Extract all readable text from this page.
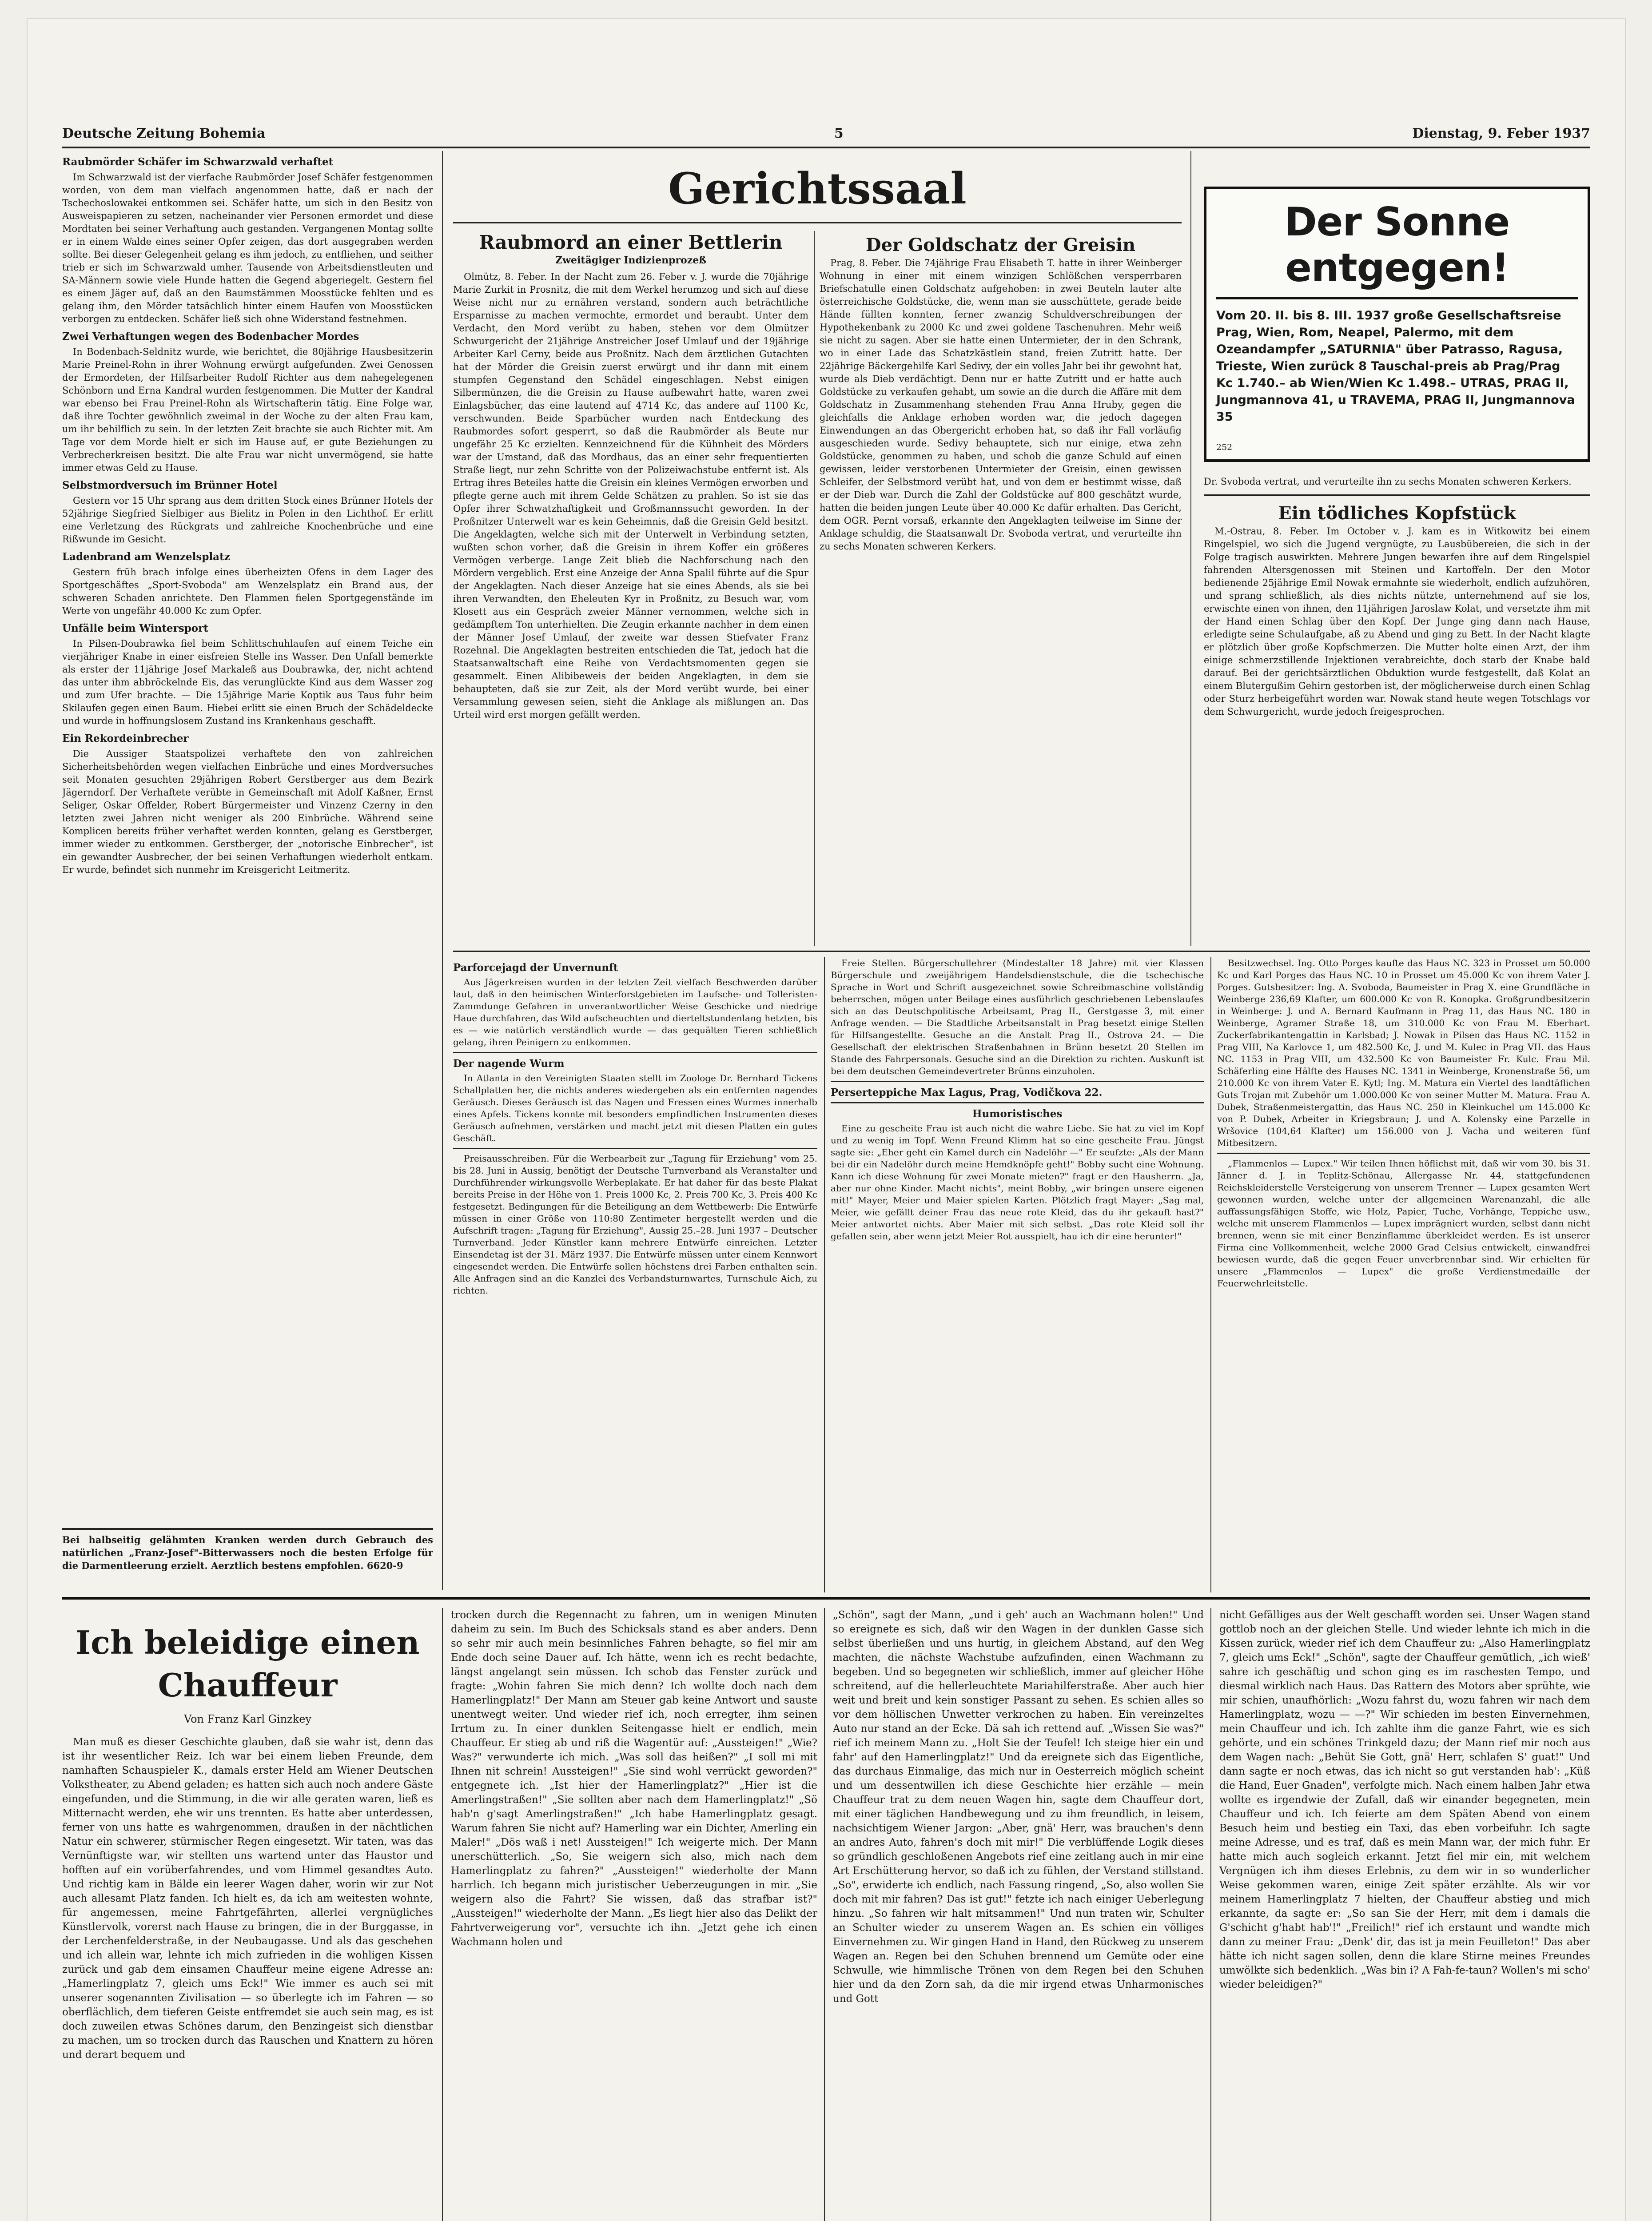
Deutsche Zeitung Bohemia	5	Dienstag, 9. Feber 1937
Raubmörder Schäfer im Schwarzwald verhaftet

Im Schwarzwald ist der vierfache Raubmörder Josef Schäfer festgenommen worden, von dem man vielfach angenommen hatte, daß er nach der Tschechoslowakei entkommen sei. Schäfer hatte, um sich in den Besitz von Ausweispapieren zu setzen, nacheinander vier Personen ermordet und diese Mordtaten bei seiner Verhaftung auch gestanden. Vergangenen Montag sollte er in einem Walde eines seiner Opfer zeigen, das dort ausgegraben werden sollte. Bei dieser Gelegenheit gelang es ihm jedoch, zu entfliehen, und seither trieb er sich im Schwarzwald umher. Tausende von Arbeitsdienstleuten und SA-Männern sowie viele Hunde hatten die Gegend abgeriegelt. Gestern fiel es einem Jäger auf, daß an den Baumstämmen Moosstücke fehlten und es gelang ihm, den Mörder tatsächlich hinter einem Haufen von Moosstücken verborgen zu entdecken. Schäfer ließ sich ohne Widerstand festnehmen.

Zwei Verhaftungen wegen des Bodenbacher Mordes

In Bodenbach-Seldnitz wurde, wie berichtet, die 80jährige Hausbesitzerin Marie Preinel-Rohn in ihrer Wohnung erwürgt aufgefunden. Zwei Genossen der Ermordeten, der Hilfsarbeiter Rudolf Richter aus dem nahegelegenen Schönborn und Erna Kandral wurden festgenommen. Die Mutter der Kandral war ebenso bei Frau Preinel-Rohn als Wirtschafterin tätig. Eine Folge war, daß ihre Tochter gewöhnlich zweimal in der Woche zu der alten Frau kam, um ihr behilflich zu sein. In der letzten Zeit brachte sie auch Richter mit. Am Tage vor dem Morde hielt er sich im Hause auf, er gute Beziehungen zu Verbrecherkreisen besitzt. Die alte Frau war nicht unvermögend, sie hatte immer etwas Geld zu Hause.

Selbstmordversuch im Brünner Hotel

Gestern vor 15 Uhr sprang aus dem dritten Stock eines Brünner Hotels der 52jährige Siegfried Sielbiger aus Bielitz in Polen in den Lichthof. Er erlitt eine Verletzung des Rückgrats und zahlreiche Knochenbrüche und eine Rißwunde im Gesicht.

Ladenbrand am Wenzelsplatz

Gestern früh brach infolge eines überheizten Ofens in dem Lager des Sportgeschäftes „Sport-Svoboda" am Wenzelsplatz ein Brand aus, der schweren Schaden anrichtete. Den Flammen fielen Sportgegenstände im Werte von ungefähr 40.000 Kc zum Opfer.

Unfälle beim Wintersport

In Pilsen-Doubrawka fiel beim Schlittschuhlaufen auf einem Teiche ein vierjähriger Knabe in einer eisfreien Stelle ins Wasser. Den Unfall bemerkte als erster der 11jährige Josef Markaleß aus Doubrawka, der, nicht achtend das unter ihm abbröckelnde Eis, das verunglückte Kind aus dem Wasser zog und zum Ufer brachte. — Die 15jährige Marie Koptik aus Taus fuhr beim Skilaufen gegen einen Baum. Hiebei erlitt sie einen Bruch der Schädeldecke und wurde in hoffnungslosem Zustand ins Krankenhaus geschafft.

Ein Rekordeinbrecher

Die Aussiger Staatspolizei verhaftete den von zahlreichen Sicherheitsbehörden wegen vielfachen Einbrüche und eines Mordversuches seit Monaten gesuchten 29jährigen Robert Gerstberger aus dem Bezirk Jägerndorf. Der Verhaftete verübte in Gemeinschaft mit Adolf Kaßner, Ernst Seliger, Oskar Offelder, Robert Bürgermeister und Vinzenz Czerny in den letzten zwei Jahren nicht weniger als 200 Einbrüche. Während seine Komplicen bereits früher verhaftet werden konnten, gelang es Gerstberger, immer wieder zu entkommen. Gerstberger, der „notorische Einbrecher", ist ein gewandter Ausbrecher, der bei seinen Verhaftungen wiederholt entkam. Er wurde, befindet sich nunmehr im Kreisgericht Leitmeritz.

Bei halbseitig gelähmten Kranken werden durch Gebrauch des natürlichen „Franz-Josef"-Bitterwassers noch die besten Erfolge für die Darmentleerung erzielt. Aerztlich bestens empfohlen. 6620-9

Gerichtssaal
Raubmord an einer Bettlerin
Zweitägiger Indizienprozeß

Olmütz, 8. Feber. In der Nacht zum 26. Feber v. J. wurde die 70jährige Marie Zurkit in Prosnitz, die mit dem Werkel herumzog und sich auf diese Weise nicht nur zu ernähren verstand, sondern auch beträchtliche Ersparnisse zu machen vermochte, ermordet und beraubt. Unter dem Verdacht, den Mord verübt zu haben, stehen vor dem Olmützer Schwurgericht der 21jährige Anstreicher Josef Umlauf und der 19jährige Arbeiter Karl Cerny, beide aus Proßnitz. Nach dem ärztlichen Gutachten hat der Mörder die Greisin zuerst erwürgt und ihr dann mit einem stumpfen Gegenstand den Schädel eingeschlagen. Nebst einigen Silbermünzen, die die Greisin zu Hause aufbewahrt hatte, waren zwei Einlagsbücher, das eine lautend auf 4714 Kc, das andere auf 1100 Kc, verschwunden. Beide Sparbücher wurden nach Entdeckung des Raubmordes sofort gesperrt, so daß die Raubmörder als Beute nur ungefähr 25 Kc erzielten. Kennzeichnend für die Kühnheit des Mörders war der Umstand, daß das Mordhaus, das an einer sehr frequentierten Straße liegt, nur zehn Schritte von der Polizeiwachstube entfernt ist. Als Ertrag ihres Beteiles hatte die Greisin ein kleines Vermögen erworben und pflegte gerne auch mit ihrem Gelde Schätzen zu prahlen. So ist sie das Opfer ihrer Schwatzhaftigkeit und Großmannssucht geworden. In der Proßnitzer Unterwelt war es kein Geheimnis, daß die Greisin Geld besitzt. Die Angeklagten, welche sich mit der Unterwelt in Verbindung setzten, wußten schon vorher, daß die Greisin in ihrem Koffer ein größeres Vermögen verberge. Lange Zeit blieb die Nachforschung nach den Mördern vergeblich. Erst eine Anzeige der Anna Spalil führte auf die Spur der Angeklagten. Nach dieser Anzeige hat sie eines Abends, als sie bei ihren Verwandten, den Eheleuten Kyr in Proßnitz, zu Besuch war, vom Klosett aus ein Gespräch zweier Männer vernommen, welche sich in gedämpftem Ton unterhielten. Die Zeugin erkannte nachher in dem einen der Männer Josef Umlauf, der zweite war dessen Stiefvater Franz Rozehnal. Die Angeklagten bestreiten entschieden die Tat, jedoch hat die Staatsanwaltschaft eine Reihe von Verdachtsmomenten gegen sie gesammelt. Einen Alibibeweis der beiden Angeklagten, in dem sie behaupteten, daß sie zur Zeit, als der Mord verübt wurde, bei einer Versammlung gewesen seien, sieht die Anklage als mißlungen an. Das Urteil wird erst morgen gefällt werden.

Der Goldschatz der Greisin

Prag, 8. Feber. Die 74jährige Frau Elisabeth T. hatte in ihrer Weinberger Wohnung in einer mit einem winzigen Schlößchen versperrbaren Briefschatulle einen Goldschatz aufgehoben: in zwei Beuteln lauter alte österreichische Goldstücke, die, wenn man sie ausschüttete, gerade beide Hände füllten konnten, ferner zwanzig Schuldverschreibungen der Hypothekenbank zu 2000 Kc und zwei goldene Taschenuhren. Mehr weiß sie nicht zu sagen. Aber sie hatte einen Untermieter, der in den Schrank, wo in einer Lade das Schatzkästlein stand, freien Zutritt hatte. Der 22jährige Bäckergehilfe Karl Sedivy, der ein volles Jahr bei ihr gewohnt hat, wurde als Dieb verdächtigt. Denn nur er hatte Zutritt und er hatte auch Goldstücke zu verkaufen gehabt, um sowie an die durch die Affäre mit dem Goldschatz in Zusammenhang stehenden Frau Anna Hruby, gegen die gleichfalls die Anklage erhoben worden war, die jedoch dagegen Einwendungen an das Obergericht erhoben hat, so daß ihr Fall vorläufig ausgeschieden wurde. Sedivy behauptete, sich nur einige, etwa zehn Goldstücke, genommen zu haben, und schob die ganze Schuld auf einen gewissen, leider verstorbenen Untermieter der Greisin, einen gewissen Schleifer, der Selbstmord verübt hat, und von dem er bestimmt wisse, daß er der Dieb war. Durch die Zahl der Goldstücke auf 800 geschätzt wurde, hatten die beiden jungen Leute über 40.000 Kc dafür erhalten. Das Gericht, dem OGR. Pernt vorsaß, erkannte den Angeklagten teilweise im Sinne der Anklage schuldig, die Staatsanwalt Dr. Svoboda vertrat, und verurteilte ihn zu sechs Monaten schweren Kerkers.

Der Sonne entgegen!
Vom 20. II. bis 8. III. 1937 große Gesellschaftsreise Prag, Wien, Rom, Neapel, Palermo, mit dem Ozeandampfer „SATURNIA" über Patrasso, Ragusa, Trieste, Wien zurück 8 Tauschal-preis ab Prag/Prag Kc 1.740.– ab Wien/Wien Kc 1.498.– UTRAS, PRAG II, Jungmannova 41, u TRAVEMA, PRAG II, Jungmannova 35
252

Dr. Svoboda vertrat, und verurteilte ihn zu sechs Monaten schweren Kerkers.

Ein tödliches Kopfstück

M.-Ostrau, 8. Feber. Im October v. J. kam es in Witkowitz bei einem Ringelspiel, wo sich die Jugend vergnügte, zu Lausbübereien, die sich in der Folge tragisch auswirkten. Mehrere Jungen bewarfen ihre auf dem Ringelspiel fahrenden Altersgenossen mit Steinen und Kartoffeln. Der den Motor bedienende 25jährige Emil Nowak ermahnte sie wiederholt, endlich aufzuhören, und sprang schließlich, als dies nichts nützte, unternehmend auf sie los, erwischte einen von ihnen, den 11jährigen Jaroslaw Kolat, und versetzte ihm mit der Hand einen Schlag über den Kopf. Der Junge ging dann nach Hause, erledigte seine Schulaufgabe, aß zu Abend und ging zu Bett. In der Nacht klagte er plötzlich über große Kopfschmerzen. Die Mutter holte einen Arzt, der ihm einige schmerzstillende Injektionen verabreichte, doch starb der Knabe bald darauf. Bei der gerichtsärztlichen Obduktion wurde festgestellt, daß Kolat an einem Blutergußim Gehirn gestorben ist, der möglicherweise durch einen Schlag oder Sturz herbeigeführt worden war. Nowak stand heute wegen Totschlags vor dem Schwurgericht, wurde jedoch freigesprochen.

Parforcejagd der Unvernunft

Aus Jägerkreisen wurden in der letzten Zeit vielfach Beschwerden darüber laut, daß in den heimischen Winterforstgebieten im Laufsche- und Tolleristen-Zammdunge Gefahren in unverantwortlicher Weise Geschicke und niedrige Haue durchfahren, das Wild aufscheuchten und dierteltstundenlang hetzten, bis es — wie natürlich verständlich wurde — das gequälten Tieren schließlich gelang, ihren Peinigern zu entkommen.

Der nagende Wurm

In Atlanta in den Vereinigten Staaten stellt im Zoologe Dr. Bernhard Tickens Schallplatten her, die nichts anderes wiedergeben als ein entfernten nagendes Geräusch. Dieses Geräusch ist das Nagen und Fressen eines Wurmes innerhalb eines Apfels. Tickens konnte mit besonders empfindlichen Instrumenten dieses Geräusch aufnehmen, verstärken und macht jetzt mit diesen Platten ein gutes Geschäft.

Preisausschreiben. Für die Werbearbeit zur „Tagung für Erziehung" vom 25. bis 28. Juni in Aussig, benötigt der Deutsche Turnverband als Veranstalter und Durchführender wirkungsvolle Werbeplakate. Er hat daher für das beste Plakat bereits Preise in der Höhe von 1. Preis 1000 Kc, 2. Preis 700 Kc, 3. Preis 400 Kc festgesetzt. Bedingungen für die Beteiligung an dem Wettbewerb: Die Entwürfe müssen in einer Größe von 110:80 Zentimeter hergestellt werden und die Aufschrift tragen: „Tagung für Erziehung", Aussig 25.–28. Juni 1937 – Deutscher Turnverband. Jeder Künstler kann mehrere Entwürfe einreichen. Letzter Einsendetag ist der 31. März 1937. Die Entwürfe müssen unter einem Kennwort eingesendet werden. Die Entwürfe sollen höchstens drei Farben enthalten sein. Alle Anfragen sind an die Kanzlei des Verbandsturnwartes, Turnschule Aich, zu richten.

Freie Stellen. Bürgerschullehrer (Mindestalter 18 Jahre) mit vier Klassen Bürgerschule und zweijährigem Handelsdienstschule, die die tschechische Sprache in Wort und Schrift ausgezeichnet sowie Schreibmaschine vollständig beherrschen, mögen unter Beilage eines ausführlich geschriebenen Lebenslaufes sich an das Deutschpolitische Arbeitsamt, Prag II., Gerstgasse 3, mit einer Anfrage wenden. — Die Stadtliche Arbeitsanstalt in Prag besetzt einige Stellen für Hilfsangestellte. Gesuche an die Anstalt Prag II., Ostrova 24. — Die Gesellschaft der elektrischen Straßenbahnen in Brünn besetzt 20 Stellen im Stande des Fahrpersonals. Gesuche sind an die Direktion zu richten. Auskunft ist bei dem deutschen Gemeindevertreter Brünns einzuholen.

Perserteppiche Max Lagus, Prag, Vodičkova 22.
Humoristisches

Eine zu gescheite Frau ist auch nicht die wahre Liebe. Sie hat zu viel im Kopf und zu wenig im Topf. Wenn Freund Klimm hat so eine gescheite Frau. Jüngst sagte sie: „Eher geht ein Kamel durch ein Nadelöhr —" Er seufzte: „Als der Mann bei dir ein Nadelöhr durch meine Hemdknöpfe geht!" Bobby sucht eine Wohnung. Kann ich diese Wohnung für zwei Monate mieten?" fragt er den Hausherrn. „Ja, aber nur ohne Kinder. Macht nichts", meint Bobby, „wir bringen unsere eigenen mit!" Mayer, Meier und Maier spielen Karten. Plötzlich fragt Mayer: „Sag mal, Meier, wie gefällt deiner Frau das neue rote Kleid, das du ihr gekauft hast?" Meier antwortet nichts. Aber Maier mit sich selbst. „Das rote Kleid soll ihr gefallen sein, aber wenn jetzt Meier Rot ausspielt, hau ich dir eine herunter!"

Besitzwechsel. Ing. Otto Porges kaufte das Haus NC. 323 in Prosset um 50.000 Kc und Karl Porges das Haus NC. 10 in Prosset um 45.000 Kc von ihrem Vater J. Porges. Gutsbesitzer: Ing. A. Svoboda, Baumeister in Prag X. eine Grundfläche in Weinberge 236,69 Klafter, um 600.000 Kc von R. Konopka. Großgrundbesitzerin in Weinberge: J. und A. Bernard Kaufmann in Prag 11, das Haus NC. 180 in Weinberge, Agramer Straße 18, um 310.000 Kc von Frau M. Eberhart. Zuckerfabrikantengattin in Karlsbad; J. Nowak in Pilsen das Haus NC. 1152 in Prag VIII, Na Karlovce 1, um 482.500 Kc, J. und M. Kulec in Prag VII. das Haus NC. 1153 in Prag VIII, um 432.500 Kc von Baumeister Fr. Kulc. Frau Mil. Schäferling eine Hälfte des Hauses NC. 1341 in Weinberge, Kronenstraße 56, um 210.000 Kc von ihrem Vater E. Kytl; Ing. M. Matura ein Viertel des landtäflichen Guts Trojan mit Zubehör um 1.000.000 Kc von seiner Mutter M. Matura. Frau A. Dubek, Straßenmeistergattin, das Haus NC. 250 in Kleinkuchel um 145.000 Kc von P. Dubek, Arbeiter in Kriegsbraun; J. und A. Kolensky eine Parzelle in Wršovice (104,64 Klafter) um 156.000 von J. Vacha und weiteren fünf Mitbesitzern.

„Flammenlos — Lupex." Wir teilen Ihnen höflichst mit, daß wir vom 30. bis 31. Jänner d. J. in Teplitz-Schönau, Allergasse Nr. 44, stattgefundenen Reichskleiderstelle Versteigerung von unserem Trenner — Lupex gesamten Wert gewonnen wurden, welche unter der allgemeinen Warenanzahl, die alle auffassungsfähigen Stoffe, wie Holz, Papier, Tuche, Vorhänge, Teppiche usw., welche mit unserem Flammenlos — Lupex imprägniert wurden, selbst dann nicht brennen, wenn sie mit einer Benzinflamme überkleidet werden. Es ist unserer Firma eine Vollkommenheit, welche 2000 Grad Celsius entwickelt, einwandfrei bewiesen wurde, daß die gegen Feuer unverbrennbar sind. Wir erhielten für unsere „Flammenlos — Lupex" die große Verdienstmedaille der Feuerwehrleitstelle.

Ich beleidige einen Chauffeur
Von Franz Karl Ginzkey

Man muß es dieser Geschichte glauben, daß sie wahr ist, denn das ist ihr wesentlicher Reiz. Ich war bei einem lieben Freunde, dem namhaften Schauspieler K., damals erster Held am Wiener Deutschen Volkstheater, zu Abend geladen; es hatten sich auch noch andere Gäste eingefunden, und die Stimmung, in die wir alle geraten waren, ließ es Mitternacht werden, ehe wir uns trennten. Es hatte aber unterdessen, ferner von uns hatte es wahrgenommen, draußen in der nächtlichen Natur ein schwerer, stürmischer Regen eingesetzt. Wir taten, was das Vernünftigste war, wir stellten uns wartend unter das Haustor und hofften auf ein vorüberfahrendes, und vom Himmel gesandtes Auto. Und richtig kam in Bälde ein leerer Wagen daher, worin wir zur Not auch allesamt Platz fanden. Ich hielt es, da ich am weitesten wohnte, für angemessen, meine Fahrtgefährten, allerlei vergnügliches Künstlervolk, vorerst nach Hause zu bringen, die in der Burggasse, in der Lerchenfelderstraße, in der Neubaugasse. Und als das geschehen und ich allein war, lehnte ich mich zufrieden in die wohligen Kissen zurück und gab dem einsamen Chauffeur meine eigene Adresse an: „Hamerlingplatz 7, gleich ums Eck!" Wie immer es auch sei mit unserer sogenannten Zivilisation — so überlegte ich im Fahren — so oberflächlich, dem tieferen Geiste entfremdet sie auch sein mag, es ist doch zuweilen etwas Schönes darum, den Benzingeist sich dienstbar zu machen, um so trocken durch das Rauschen und Knattern zu hören und derart bequem und

trocken durch die Regennacht zu fahren, um in wenigen Minuten daheim zu sein. Im Buch des Schicksals stand es aber anders. Denn so sehr mir auch mein besinnliches Fahren behagte, so fiel mir am Ende doch seine Dauer auf. Ich hätte, wenn ich es recht bedachte, längst angelangt sein müssen. Ich schob das Fenster zurück und fragte: „Wohin fahren Sie mich denn? Ich wollte doch nach dem Hamerlingplatz!" Der Mann am Steuer gab keine Antwort und sauste unentwegt weiter. Und wieder rief ich, noch erregter, ihm seinen Irrtum zu. In einer dunklen Seitengasse hielt er endlich, mein Chauffeur. Er stieg ab und riß die Wagentür auf: „Aussteigen!" „Wie? Was?" verwunderte ich mich. „Was soll das heißen?" „I soll mi mit Ihnen nit schrein! Aussteigen!" „Sie sind wohl verrückt geworden?" entgegnete ich. „Ist hier der Hamerlingplatz?" „Hier ist die Amerlingstraßen!" „Sie sollten aber nach dem Hamerlingplatz!" „Sö hab'n g'sagt Amerlingstraßen!" „Ich habe Hamerlingplatz gesagt. Warum fahren Sie nicht auf? Hamerling war ein Dichter, Amerling ein Maler!" „Dös waß i net! Aussteigen!" Ich weigerte mich. Der Mann unerschütterlich. „So, Sie weigern sich also, mich nach dem Hamerlingplatz zu fahren?" „Aussteigen!" wiederholte der Mann harrlich. Ich begann mich juristischer Ueberzeugungen in mir. „Sie weigern also die Fahrt? Sie wissen, daß das strafbar ist?" „Aussteigen!" wiederholte der Mann. „Es liegt hier also das Delikt der Fahrtverweigerung vor", versuchte ich ihn. „Jetzt gehe ich einen Wachmann holen und

„Schön", sagt der Mann, „und i geh' auch an Wachmann holen!" Und so ereignete es sich, daß wir den Wagen in der dunklen Gasse sich selbst überließen und uns hurtig, in gleichem Abstand, auf den Weg machten, die nächste Wachstube aufzufinden, einen Wachmann zu begeben. Und so begegneten wir schließlich, immer auf gleicher Höhe schreitend, auf die hellerleuchtete Mariahilferstraße. Aber auch hier weit und breit und kein sonstiger Passant zu sehen. Es schien alles so vor dem höllischen Unwetter verkrochen zu haben. Ein vereinzeltes Auto nur stand an der Ecke. Dä sah ich rettend auf. „Wissen Sie was?" rief ich meinem Mann zu. „Holt Sie der Teufel! Ich steige hier ein und fahr' auf den Hamerlingplatz!" Und da ereignete sich das Eigentliche, das durchaus Einmalige, das mich nur in Oesterreich möglich scheint und um dessentwillen ich diese Geschichte hier erzähle — mein Chauffeur trat zu dem neuen Wagen hin, sagte dem Chauffeur dort, mit einer täglichen Handbewegung und zu ihm freundlich, in leisem, nachsichtigem Wiener Jargon: „Aber, gnä' Herr, was brauchen's denn an andres Auto, fahren's doch mit mir!" Die verblüffende Logik dieses so gründlich geschloßenen Angebots rief eine zeitlang auch in mir eine Art Erschütterung hervor, so daß ich zu fühlen, der Verstand stillstand. „So", erwiderte ich endlich, nach Fassung ringend, „So, also wollen Sie doch mit mir fahren? Das ist gut!" fetzte ich nach einiger Ueberlegung hinzu. „So fahren wir halt mitsammen!" Und nun traten wir, Schulter an Schulter wieder zu unserem Wagen an. Es schien ein völliges Einvernehmen zu. Wir gingen Hand in Hand, den Rückweg zu unserem Wagen an. Regen bei den Schuhen brennend um Gemüte oder eine Schwulle, wie himmlische Trönen von dem Regen bei den Schuhen hier und da den Zorn sah, da die mir irgend etwas Unharmonisches und Gott

nicht Gefälliges aus der Welt geschafft worden sei. Unser Wagen stand gottlob noch an der gleichen Stelle. Und wieder lehnte ich mich in die Kissen zurück, wieder rief ich dem Chauffeur zu: „Also Hamerlingplatz 7, gleich ums Eck!" „Schön", sagte der Chauffeur gemütlich, „ich wieß' sahre ich geschäftig und schon ging es im raschesten Tempo, und diesmal wirklich nach Haus. Das Rattern des Motors aber sprühte, wie mir schien, unaufhörlich: „Wozu fahrst du, wozu fahren wir nach dem Hamerlingplatz, wozu — —?" Wir schieden im besten Einvernehmen, mein Chauffeur und ich. Ich zahlte ihm die ganze Fahrt, wie es sich gehörte, und ein schönes Trinkgeld dazu; der Mann rief mir noch aus dem Wagen nach: „Behüt Sie Gott, gnä' Herr, schlafen S' guat!" Und dann sagte er noch etwas, das ich nicht so gut verstanden hab': „Küß die Hand, Euer Gnaden", verfolgte mich. Nach einem halben Jahr etwa wollte es irgendwie der Zufall, daß wir einander begegneten, mein Chauffeur und ich. Ich feierte am dem Späten Abend von einem Besuch heim und bestieg ein Taxi, das eben vorbeifuhr. Ich sagte meine Adresse, und es traf, daß es mein Mann war, der mich fuhr. Er hatte mich auch sogleich erkannt. Jetzt fiel mir ein, mit welchem Vergnügen ich ihm dieses Erlebnis, zu dem wir in so wunderlicher Weise gekommen waren, einige Zeit später erzählte. Als wir vor meinem Hamerlingplatz 7 hielten, der Chauffeur abstieg und mich erkannte, da sagte er: „So san Sie der Herr, mit dem i damals die G'schicht g'habt hab'!" „Freilich!" rief ich erstaunt und wandte mich dann zu meiner Frau: „Denk' dir, das ist ja mein Feuilleton!" Das aber hätte ich nicht sagen sollen, denn die klare Stirne meines Freundes umwölkte sich bedenklich. „Was bin i? A Fah-fe-taun? Wollen's mi scho' wieder beleidigen?"
